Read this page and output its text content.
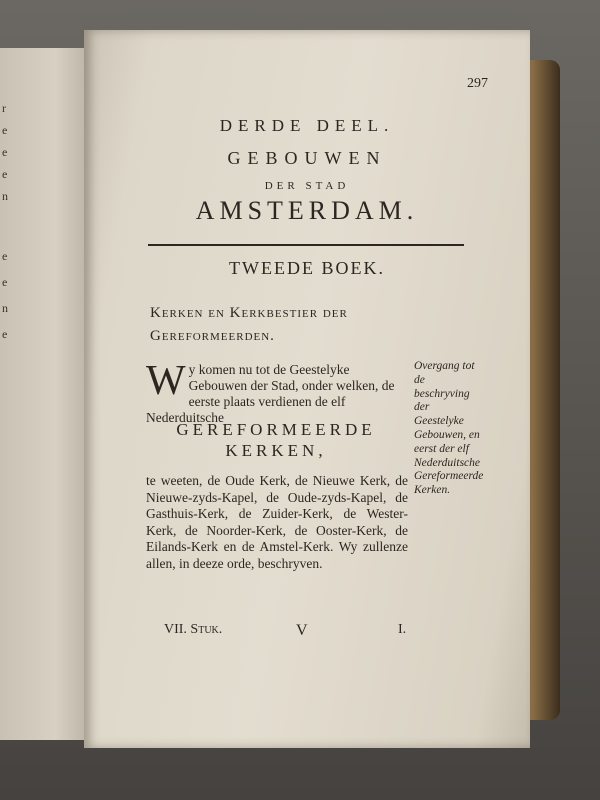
r
e
e
e
n
e
e
n
e
297
DERDE DEEL.
GEBOUWEN
DER STAD
AMSTERDAM.
TWEEDE BOEK.
Kerken en Kerkbestier der
Gereformeerden.
Wy komen nu tot de Geestelyke Gebouwen der Stad, onder welken, de eerste plaats verdienen de elf Nederduitsche
GEREFORMEERDE
KERKEN,
te weeten, de Oude Kerk, de Nieuwe Kerk, de Nieuwe-zyds-Kapel, de Oude-zyds-Kapel, de Gasthuis-Kerk, de Zuider-Kerk, de Wester-Kerk, de Noorder-Kerk, de Ooster-Kerk, de Eilands-Kerk en de Amstel-Kerk. Wy zullenze allen, in deeze orde, beschryven.
Overgang tot de beschryving der Geestelyke Gebouwen, en eerst der elf Nederduitsche Gereformeerde Kerken.
VII. Stuk.	V	I.
